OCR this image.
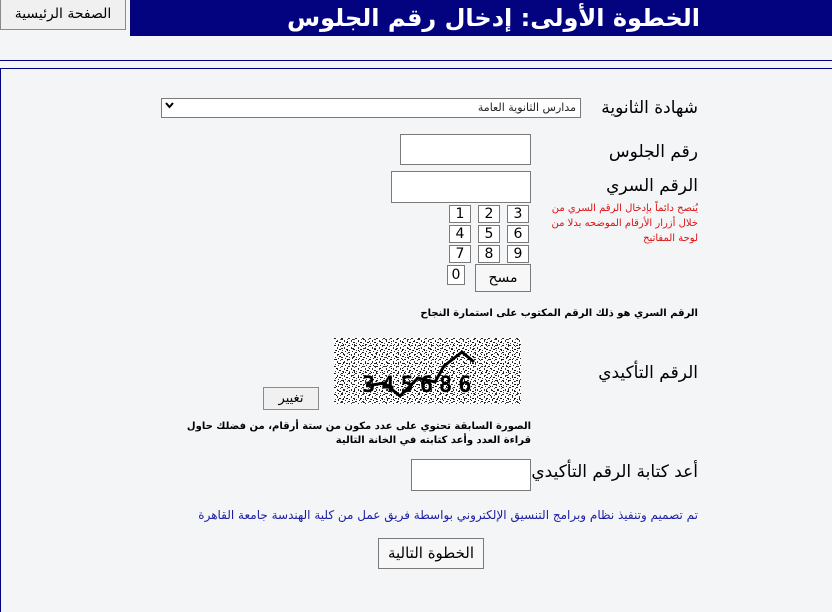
الصفحة الرئيسية	الخطوة الأولى: إدخال رقم الجلوس
شهادة الثانوية
مدارس الثانوية العامة
رقم الجلوس
الرقم السري
يُنصح دائماً بإدخال الرقم السري من خلال أزرار الأرقام الموضحه بدلا من لوحة المفاتيح
1	2	3
4	5	6
7	8	9
0	مسح
الرقم السري هو ذلك الرقم المكتوب على استمارة النجاح
الرقم التأكيدي
345686
تغيير
الصورة السابقة تحتوي على عدد مكون من ستة أرقام، من فضلك حاول قراءة العدد وأعد كتابته في الخانة التالية
أعد كتابة الرقم التأكيدي
تم تصميم وتنفيذ نظام وبرامج التنسيق الإلكتروني بواسطة فريق عمل من كلية الهندسة جامعة القاهرة
الخطوة التالية
